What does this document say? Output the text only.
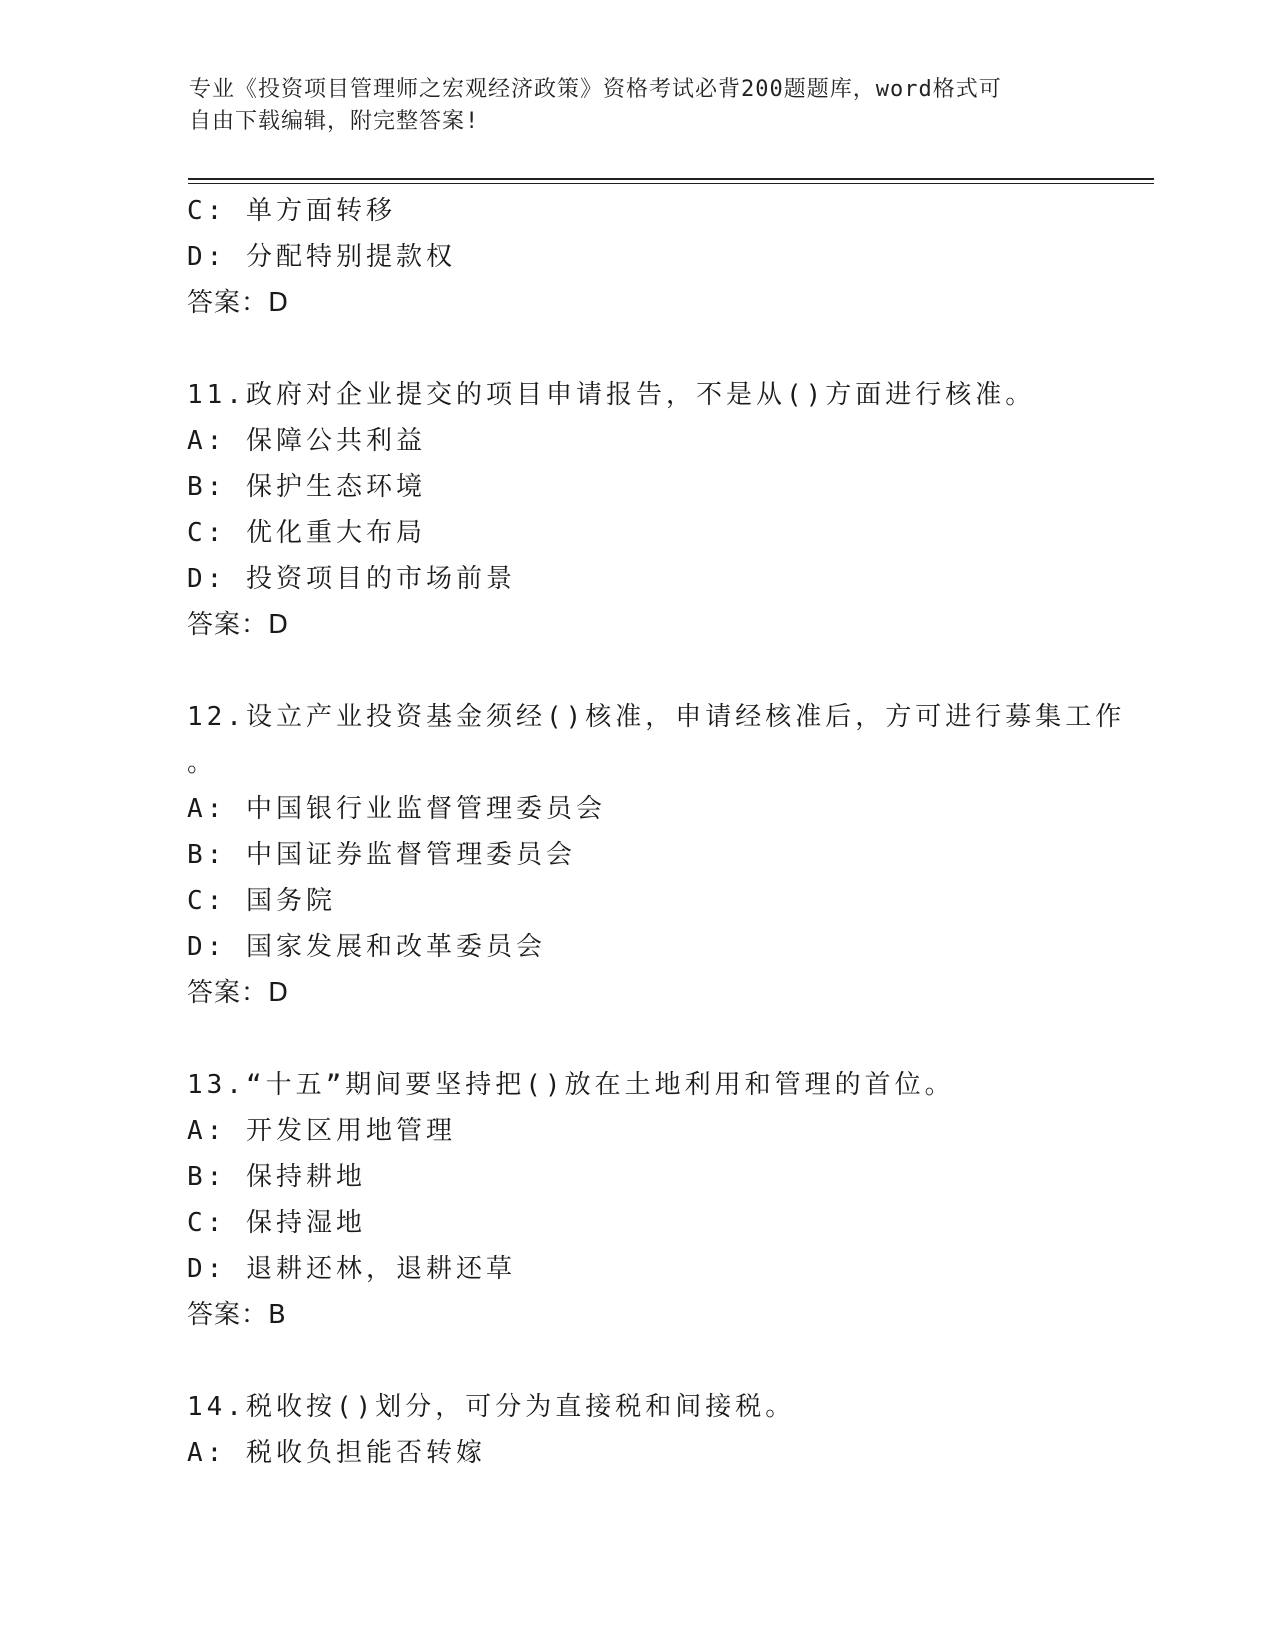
专业《投资项目管理师之宏观经济政策》资格考试必背200题题库，word格式可
自由下载编辑，附完整答案!
C: 单方面转移
D: 分配特别提款权
答案：D
11.政府对企业提交的项目申请报告，不是从()方面进行核准。
A: 保障公共利益
B: 保护生态环境
C: 优化重大布局
D: 投资项目的市场前景
答案：D
12.设立产业投资基金须经()核准，申请经核准后，方可进行募集工作
。
A: 中国银行业监督管理委员会
B: 中国证券监督管理委员会
C: 国务院
D: 国家发展和改革委员会
答案：D
13.“十五”期间要坚持把()放在土地利用和管理的首位。
A: 开发区用地管理
B: 保持耕地
C: 保持湿地
D: 退耕还林，退耕还草
答案：B
14.税收按()划分，可分为直接税和间接税。
A: 税收负担能否转嫁
